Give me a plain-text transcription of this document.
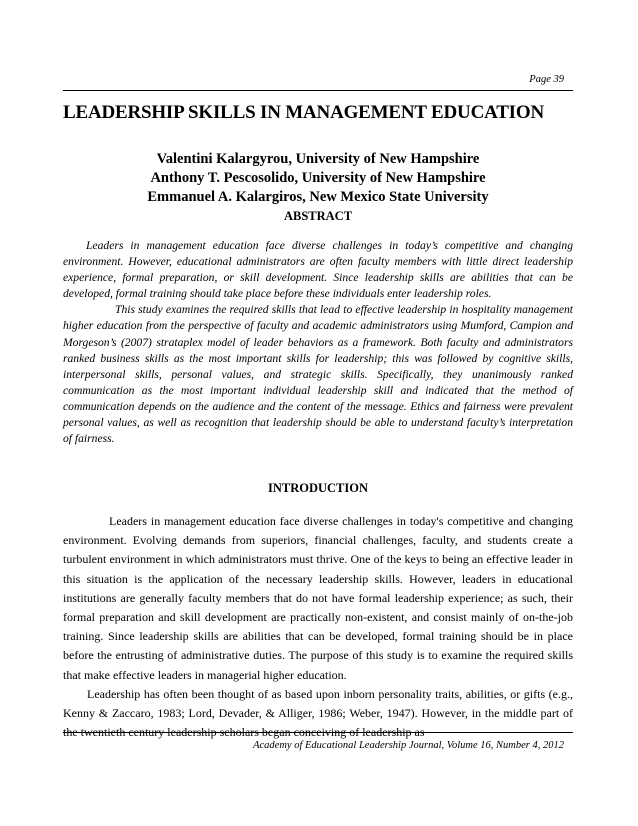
Page 39
LEADERSHIP SKILLS IN MANAGEMENT EDUCATION
Valentini Kalargyrou, University of New Hampshire
Anthony T. Pescosolido, University of New Hampshire
Emmanuel A. Kalargiros, New Mexico State University
ABSTRACT

Leaders in management education face diverse challenges in today’s competitive and changing environment. However, educational administrators are often faculty members with little direct leadership experience, formal preparation, or skill development. Since leadership skills are abilities that can be developed, formal training should take place before these individuals enter leadership roles.

This study examines the required skills that lead to effective leadership in hospitality management higher education from the perspective of faculty and academic administrators using Mumford, Campion and Morgeson’s (2007) strataplex model of leader behaviors as a framework. Both faculty and administrators ranked business skills as the most important skills for leadership; this was followed by cognitive skills, interpersonal skills, personal values, and strategic skills. Specifically, they unanimously ranked communication as the most important individual leadership skill and indicated that the method of communication depends on the audience and the content of the message. Ethics and fairness were prevalent personal values, as well as recognition that leadership should be able to understand faculty’s interpretation of fairness.

INTRODUCTION

Leaders in management education face diverse challenges in today's competitive and changing environment. Evolving demands from superiors, financial challenges, faculty, and students create a turbulent environment in which administrators must thrive. One of the keys to being an effective leader in this situation is the application of the necessary leadership skills. However, leaders in educational institutions are generally faculty members that do not have formal leadership experience; as such, their formal preparation and skill development are practically non-existent, and consist mainly of on-the-job training. Since leadership skills are abilities that can be developed, formal training should be in place before the entrusting of administrative duties. The purpose of this study is to examine the required skills that make effective leaders in managerial higher education.

Leadership has often been thought of as based upon inborn personality traits, abilities, or gifts (e.g., Kenny & Zaccaro, 1983; Lord, Devader, & Alliger, 1986; Weber, 1947). However, in the middle part of the twentieth century leadership scholars began conceiving of leadership as

Academy of Educational Leadership Journal, Volume 16, Number 4, 2012
